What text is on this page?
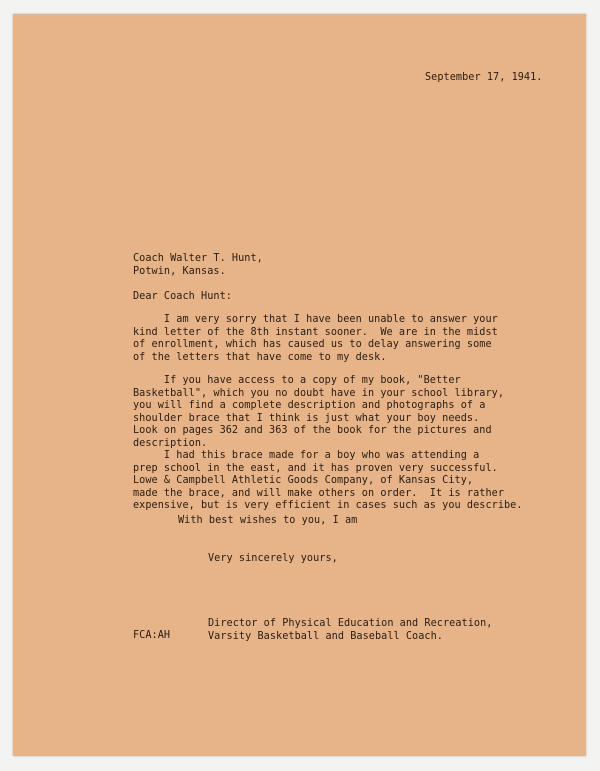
September 17, 1941.

Coach Walter T. Hunt,
Potwin, Kansas.

Dear Coach Hunt:

I am very sorry that I have been unable to answer your
kind letter of the 8th instant sooner.  We are in the midst
of enrollment, which has caused us to delay answering some
of the letters that have come to my desk.

If you have access to a copy of my book, "Better
Basketball", which you no doubt have in your school library,
you will find a complete description and photographs of a
shoulder brace that I think is just what your boy needs.
Look on pages 362 and 363 of the book for the pictures and
description.

I had this brace made for a boy who was attending a
prep school in the east, and it has proven very successful.
Lowe & Campbell Athletic Goods Company, of Kansas City,
made the brace, and will make others on order.  It is rather
expensive, but is very efficient in cases such as you describe.

With best wishes to you, I am

Very sincerely yours,

Director of Physical Education and Recreation,
Varsity Basketball and Baseball Coach.

FCA:AH
